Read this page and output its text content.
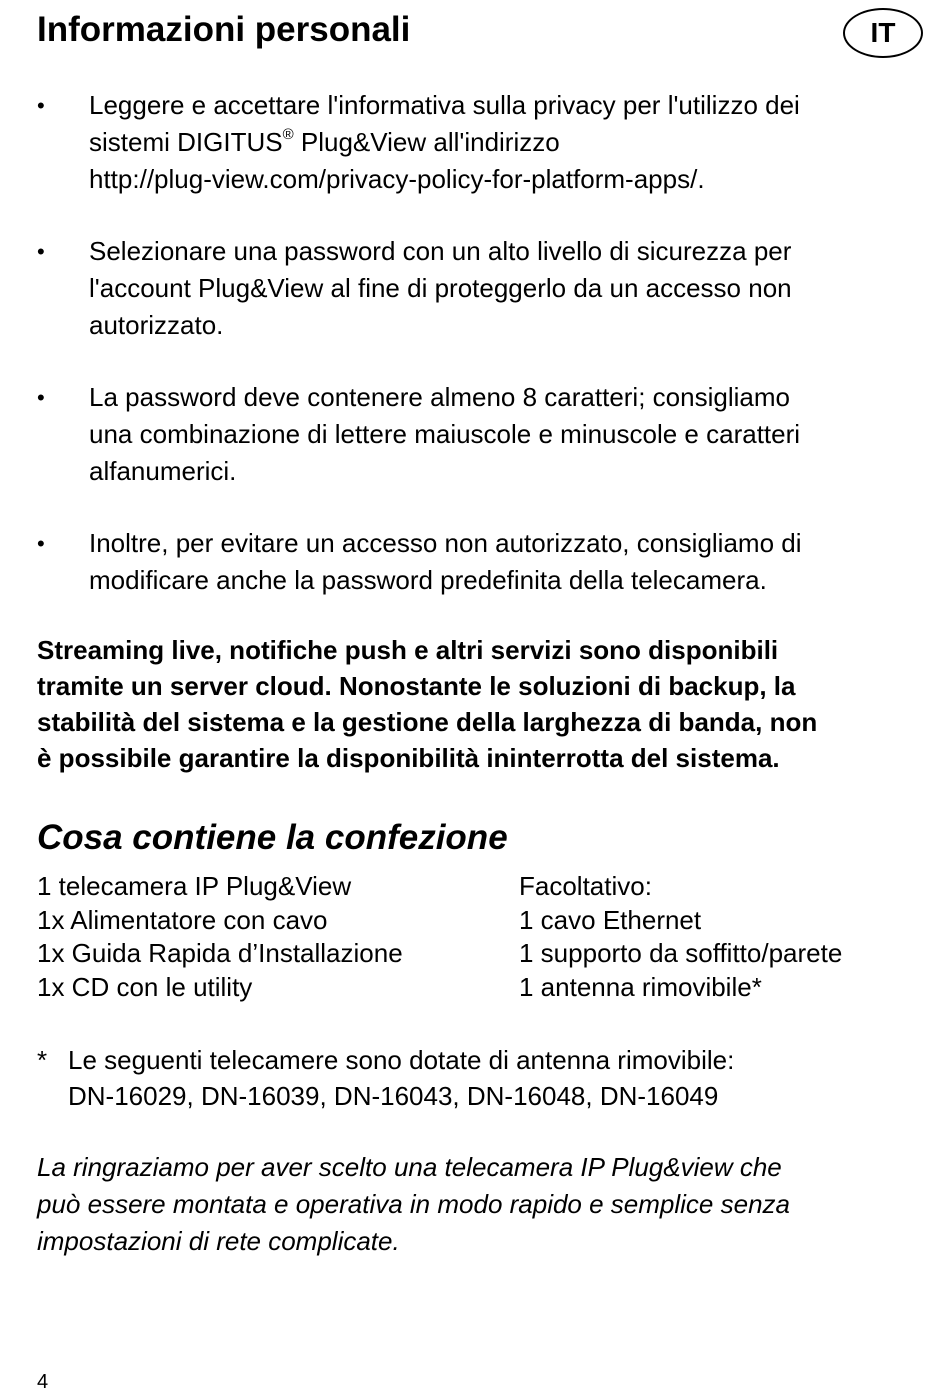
Informazioni personali	IT
• Leggere e accettare l'informativa sulla privacy per l'utilizzo dei
sistemi DIGITUS® Plug&View all'indirizzo
http://plug-view.com/privacy-policy-for-platform-apps/.
• Selezionare una password con un alto livello di sicurezza per
l'account Plug&View al fine di proteggerlo da un accesso non
autorizzato.
• La password deve contenere almeno 8 caratteri; consigliamo
una combinazione di lettere maiuscole e minuscole e caratteri
alfanumerici.
• Inoltre, per evitare un accesso non autorizzato, consigliamo di
modificare anche la password predefinita della telecamera.

Streaming live, notifiche push e altri servizi sono disponibili
tramite un server cloud. Nonostante le soluzioni di backup, la
stabilità del sistema e la gestione della larghezza di banda, non
è possibile garantire la disponibilità ininterrotta del sistema.

Cosa contiene la confezione
1 telecamera IP Plug&View
1x Alimentatore con cavo
1x Guida Rapida d’Installazione
1x CD con le utility
Facoltativo:
1 cavo Ethernet
1 supporto da soffitto/parete
1 antenna rimovibile*
* Le seguenti telecamere sono dotate di antenna rimovibile:
DN-16029, DN-16039, DN-16043, DN-16048, DN-16049

La ringraziamo per aver scelto una telecamera IP Plug&view che
può essere montata e operativa in modo rapido e semplice senza
impostazioni di rete complicate.

4
